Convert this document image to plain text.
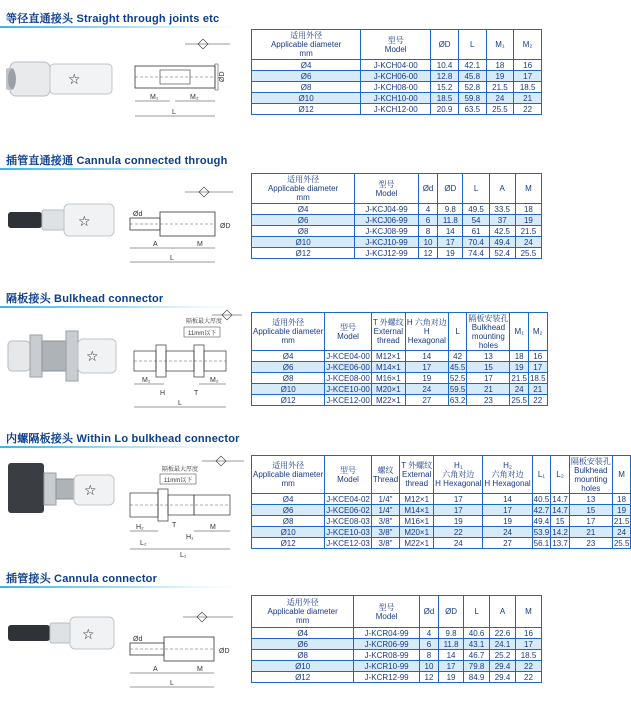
等径直通接头 Straight through joints etc
☆
M₁	M₂
L
ØD
适用外径
Applicable diameter
mm	型号
Model	ØD	L	M₁	M₂
Ø4	J-KCH04-00	10.4	42.1	18	16
Ø6	J-KCH06-00	12.8	45.8	19	17
Ø8	J-KCH08-00	15.2	52.8	21.5	18.5
Ø10	J-KCH10-00	18.5	59.8	24	21
Ø12	J-KCH12-00	20.9	63.5	25.5	22
插管直通接通 Cannula connected through
☆	Ød
ØD
A	M
L
适用外径
Applicable diameter
mm	型号
Model	Ød	ØD	L	A	M
Ø4	J-KCJ04-99	4	9.8	49.5	33.5	18
Ø6	J-KCJ06-99	6	11.8	54	37	19
Ø8	J-KCJ08-99	8	14	61	42.5	21.5
Ø10	J-KCJ10-99	10	17	70.4	49.4	24
Ø12	J-KCJ12-99	12	19	74.4	52.4	25.5
隔板接头 Bulkhead connector
☆
隔板最大厚度
11mm以下
M₁	M₂
H
L
T
适用外径
Applicable diameter
mm	型号
Model	T 外螺纹
External
thread	H 六角对边
H
Hexagonal	L	隔板安装孔
Bulkhead
mounting
holes	M₁	M₂
Ø4	J-KCE04-00	M12×1	14	42	13	18	16
Ø6	J-KCE06-00	M14×1	17	45.5	15	19	17
Ø8	J-KCE08-00	M16×1	19	52.5	17	21.5	18.5
Ø10	J-KCE10-00	M20×1	24	59.5	21	24	21
Ø12	J-KCE12-00	M22×1	27	63.2	23	25.5	22
内螺隔板接头 Within Lo bulkhead connector
☆
隔板最大厚度
11mm以下
T
H₂
H₁
M
L₂
L₁
适用外径
Applicable diameter
mm	型号
Model	螺纹
Thread	T 外螺纹
External
thread	H₁
六角对边
H Hexagonal	H₂
六角对边
H Hexagonal	L₁	L₂	隔板安装孔
Bulkhead
mounting
holes	M
Ø4	J-KCE04-02	1/4"	M12×1	17	14	40.5	14.7	13	18
Ø6	J-KCE06-02	1/4"	M14×1	17	17	42.7	14.7	15	19
Ø8	J-KCE08-03	3/8"	M16×1	19	19	49.4	15	17	21.5
Ø10	J-KCE10-03	3/8"	M20×1	22	24	53.9	14.2	21	24
Ø12	J-KCE12-03	3/8"	M22×1	24	27	56.1	13.7	23	25.5
插管接头 Cannula connector
☆	Ød
ØD
A	M
L
适用外径
Applicable diameter
mm	型号
Model	Ød	ØD	L	A	M
Ø4	J-KCR04-99	4	9.8	40.6	22.6	16
Ø6	J-KCR06-99	6	11.8	43.1	24.1	17
Ø8	J-KCR08-99	8	14	46.7	25.2	18.5
Ø10	J-KCR10-99	10	17	79.8	29.4	22
Ø12	J-KCR12-99	12	19	84.9	29.4	22
